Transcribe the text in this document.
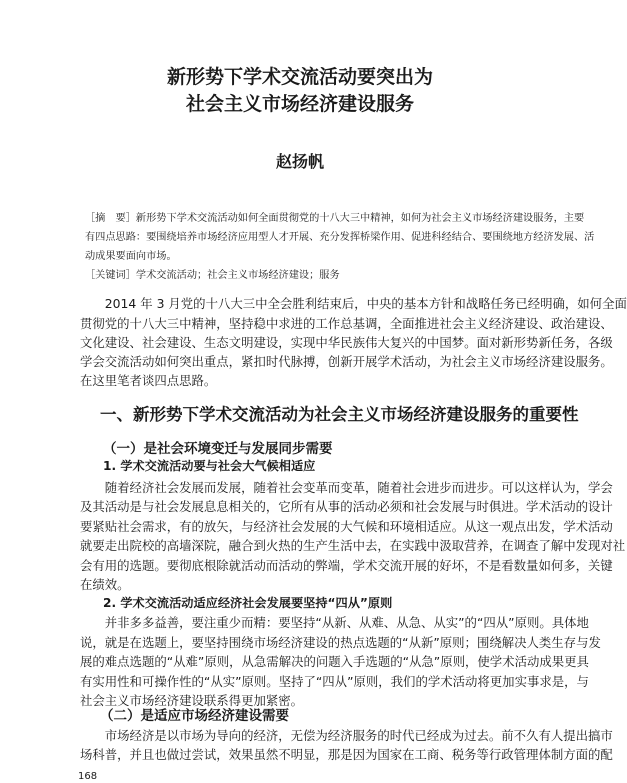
新形势下学术交流活动要突出为
社会主义市场经济建设服务
赵扬帆
［摘　要］新形势下学术交流活动如何全面贯彻党的十八大三中精神，如何为社会主义市场经济建设服务，主要
有四点思路：要围绕培养市场经济应用型人才开展、充分发挥桥梁作用、促进科经结合、要围绕地方经济发展、活
动成果要面向市场。
［关键词］学术交流活动；社会主义市场经济建设；服务
　　2014 年 3 月党的十八大三中全会胜利结束后，中央的基本方针和战略任务已经明确，如何全面
贯彻党的十八大三中精神，坚持稳中求进的工作总基调，全面推进社会主义经济建设、政治建设、
文化建设、社会建设、生态文明建设，实现中华民族伟大复兴的中国梦。面对新形势新任务，各级
学会交流活动如何突出重点，紧扣时代脉搏，创新开展学术活动，为社会主义市场经济建设服务。
在这里笔者谈四点思路。
一、新形势下学术交流活动为社会主义市场经济建设服务的重要性
（一）是社会环境变迁与发展同步需要
1. 学术交流活动要与社会大气候相适应
　　随着经济社会发展而发展，随着社会变革而变革，随着社会进步而进步。可以这样认为，学会
及其活动是与社会发展息息相关的，它所有从事的活动必须和社会发展与时俱进。学术活动的设计
要紧贴社会需求，有的放矢，与经济社会发展的大气候和环境相适应。从这一观点出发，学术活动
就要走出院校的高墙深院，融合到火热的生产生活中去，在实践中汲取营养，在调查了解中发现对社
会有用的选题。要彻底根除就活动而活动的弊端，学术交流开展的好坏，不是看数量如何多，关键
在绩效。
2. 学术交流活动适应经济社会发展要坚持“四从”原则
　　并非多多益善，要注重少而精：要坚持“从新、从难、从急、从实”的“四从”原则。具体地
说，就是在选题上，要坚持围绕市场经济建设的热点选题的“从新”原则；围绕解决人类生存与发
展的难点选题的“从难”原则，从急需解决的问题入手选题的“从急”原则，使学术活动成果更具
有实用性和可操作性的“从实”原则。坚持了“四从”原则，我们的学术活动将更加实事求是，与
社会主义市场经济建设联系得更加紧密。
（二）是适应市场经济建设需要
　　市场经济是以市场为导向的经济，无偿为经济服务的时代已经成为过去。前不久有人提出搞市
场科普，并且也做过尝试，效果虽然不明显，那是因为国家在工商、税务等行政管理体制方面的配
168
